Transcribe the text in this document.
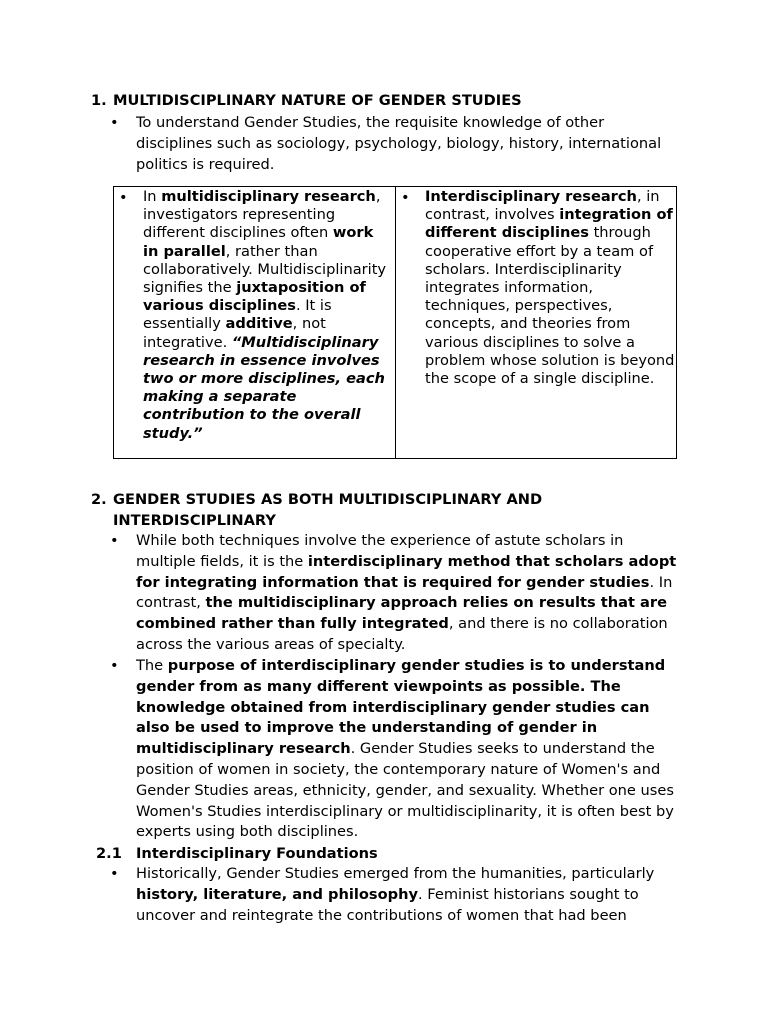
1. MULTIDISCIPLINARY NATURE OF GENDER STUDIES
• To understand Gender Studies, the requisite knowledge of other disciplines such as sociology, psychology, biology, history, international politics is required.
• In multidisciplinary research, investigators representing different disciplines often work in parallel, rather than collaboratively. Multidisciplinarity signifies the juxtaposition of various disciplines. It is essentially additive, not integrative. “Multidisciplinary research in essence involves two or more disciplines, each making a separate contribution to the overall study.”
• Interdisciplinary research, in contrast, involves integration of different disciplines through cooperative effort by a team of scholars. Interdisciplinarity integrates information, techniques, perspectives, concepts, and theories from various disciplines to solve a problem whose solution is beyond the scope of a single discipline.
2. GENDER STUDIES AS BOTH MULTIDISCIPLINARY AND INTERDISCIPLINARY
• While both techniques involve the experience of astute scholars in multiple fields, it is the interdisciplinary method that scholars adopt for integrating information that is required for gender studies. In contrast, the multidisciplinary approach relies on results that are combined rather than fully integrated, and there is no collaboration across the various areas of specialty.
• The purpose of interdisciplinary gender studies is to understand gender from as many different viewpoints as possible. The knowledge obtained from interdisciplinary gender studies can also be used to improve the understanding of gender in multidisciplinary research. Gender Studies seeks to understand the position of women in society, the contemporary nature of Women's and Gender Studies areas, ethnicity, gender, and sexuality. Whether one uses Women's Studies interdisciplinary or multidisciplinarity, it is often best by experts using both disciplines.
2.1 Interdisciplinary Foundations
• Historically, Gender Studies emerged from the humanities, particularly history, literature, and philosophy. Feminist historians sought to uncover and reintegrate the contributions of women that had been
